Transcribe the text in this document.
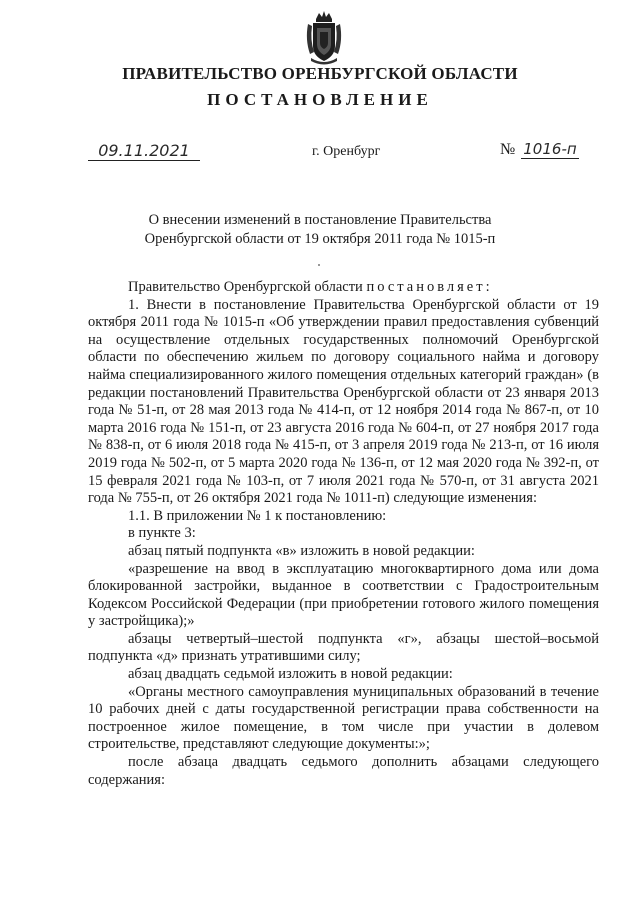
ПРАВИТЕЛЬСТВО ОРЕНБУРГСКОЙ ОБЛАСТИ
ПОСТАНОВЛЕНИЕ
09.11.2021	г. Оренбург	№ 1016-п
О внесении изменений в постановление Правительства
Оренбургской области от 19 октября 2011 года № 1015-п

Правительство Оренбургской области постановляет:

1. Внести в постановление Правительства Оренбургской области от 19 октября 2011 года № 1015-п «Об утверждении правил предоставления субвенций на осуществление отдельных государственных полномочий Оренбургской области по обеспечению жильем по договору социального найма и договору найма специализированного жилого помещения отдельных категорий граждан» (в редакции постановлений Правительства Оренбургской области от 23 января 2013 года № 51-п, от 28 мая 2013 года № 414-п, от 12 ноября 2014 года № 867-п, от 10 марта 2016 года № 151-п, от 23 августа 2016 года № 604-п, от 27 ноября 2017 года № 838-п, от 6 июля 2018 года № 415-п, от 3 апреля 2019 года № 213-п, от 16 июля 2019 года № 502-п, от 5 марта 2020 года № 136-п, от 12 мая 2020 года № 392-п, от 15 февраля 2021 года № 103-п, от 7 июля 2021 года № 570-п, от 31 августа 2021 года № 755-п, от 26 октября 2021 года № 1011-п) следующие изменения:

1.1. В приложении № 1 к постановлению:

в пункте 3:

абзац пятый подпункта «в» изложить в новой редакции:

«разрешение на ввод в эксплуатацию многоквартирного дома или дома блокированной застройки, выданное в соответствии с Градостроительным Кодексом Российской Федерации (при приобретении готового жилого помещения у застройщика);»

абзацы четвертый–шестой подпункта «г», абзацы шестой–восьмой подпункта «д» признать утратившими силу;

абзац двадцать седьмой изложить в новой редакции:

«Органы местного самоуправления муниципальных образований в течение 10 рабочих дней с даты государственной регистрации права собственности на построенное жилое помещение, в том числе при участии в долевом строительстве, представляют следующие документы:»;

после абзаца двадцать седьмого дополнить абзацами следующего содержания:
